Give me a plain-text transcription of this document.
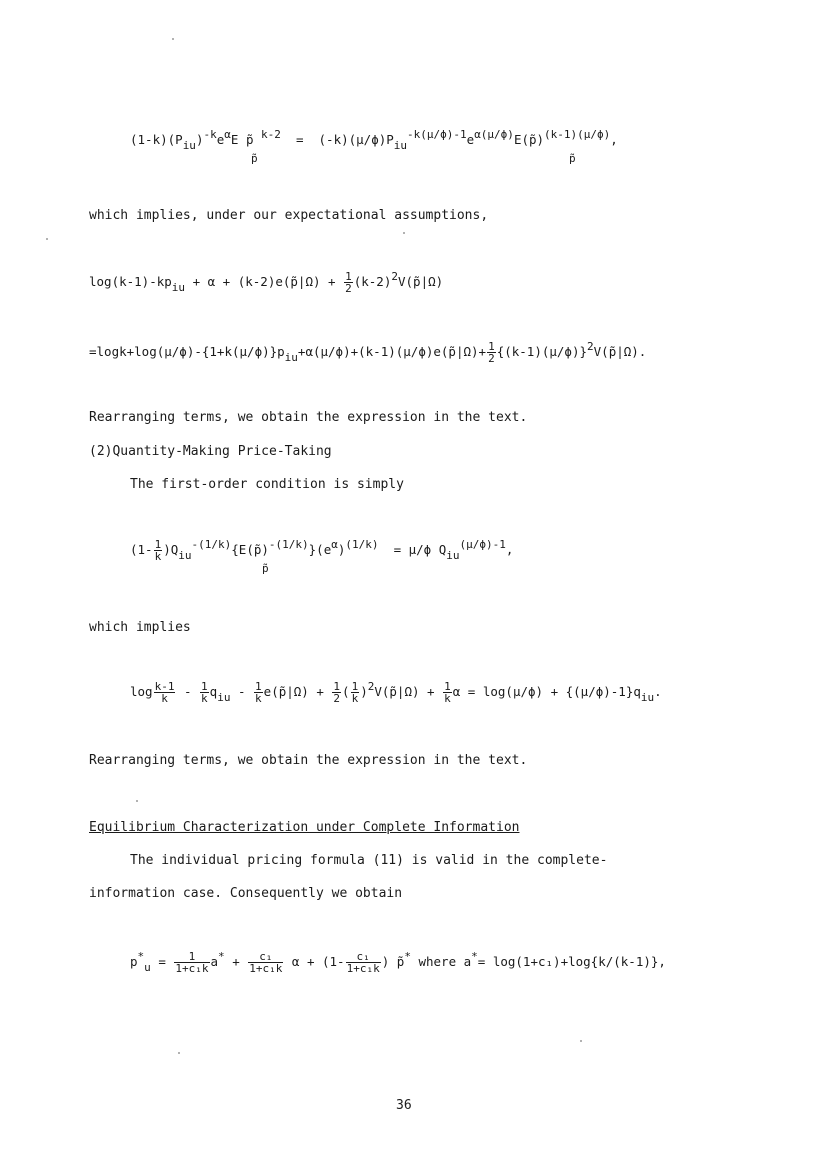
(1-k)(Piu)-keαE p̃ k-2 = (-k)(μ/ϕ)Piu-k(μ/ϕ)-1eα(μ/ϕ)E(p̃)(k-1)(μ/ϕ),
p̃	p̃
which implies, under our expectational assumptions,
log(k-1)-kpiu + α + (k-2)e(p̃|Ω) + $\frac{1}{2}$ (k-2)2V(p̃|Ω)
=logk+log(μ/ϕ)-{1+k(μ/ϕ)}piu+α(μ/ϕ)+(k-1)(μ/ϕ)e(p̃|Ω)+ $\frac{1}{2}$ {(k-1)(μ/ϕ)}2V(p̃|Ω).
Rearranging terms, we obtain the expression in the text.
(2)Quantity-Making Price-Taking
The first-order condition is simply
($1- \frac{1}{k}$ )Qiu-(1/k){E(p̃)-(1/k)}(eα)(1/k) = μ/ϕ Qiu(μ/ϕ)-1,
p̃
which implies
$\log \frac{k-1}{k} - \frac{1}{k}$ qiu - $\frac{1}{k}$ e(p̃|Ω) + $\frac{1}{2}$ ( $\frac{1}{k}$ )2V(p̃|Ω) + $\frac{1}{k}$ α = log(μ/ϕ) + {(μ/ϕ)-1}qiu.
Rearranging terms, we obtain the expression in the text.
Equilibrium Characterization under Complete Information
The individual pricing formula (11) is valid in the complete-
information case. Consequently we obtain
$p*u = \frac{1}{\text{1+c₁k}} a* + \frac{\text{c₁}}{\text{1+c₁k}}$ $\alpha + (1- \frac{\text{c₁}}{\text{1+c₁k}}$ ) p̃* where a*= log(1+c₁)+log{k/(k-1)},
36
